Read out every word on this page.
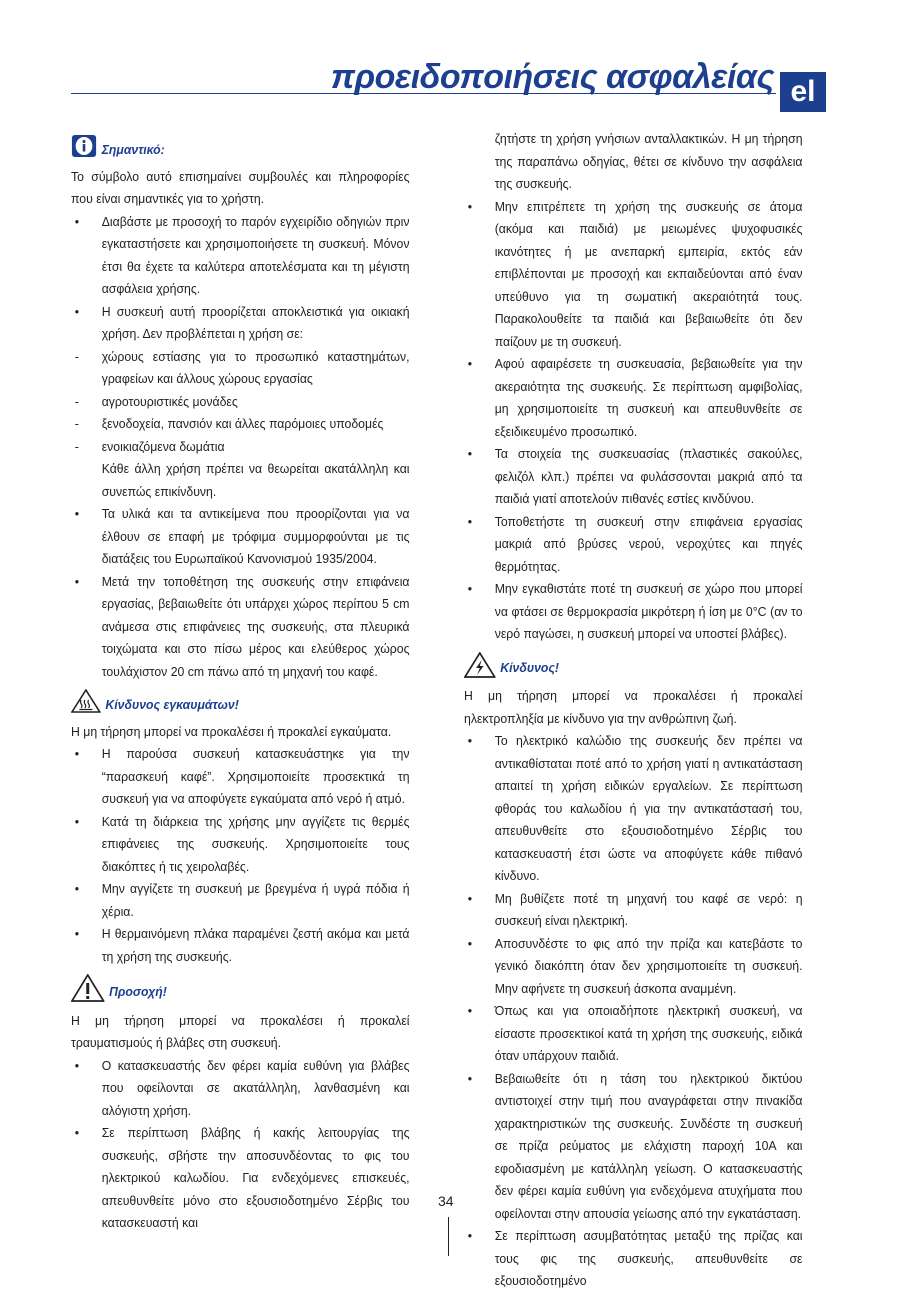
προειδοποιήσεις ασφαλείας el
Σημαντικό:

Το σύμβολο αυτό επισημαίνει συμβουλές και πληροφορίες που είναι σημαντικές για το χρήστη.

• Διαβάστε με προσοχή το παρόν εγχειρίδιο οδηγιών πριν εγκαταστήσετε και χρησιμοποιήσετε τη συσκευή. Μόνον έτσι θα έχετε τα καλύτερα αποτελέσματα και τη μέγιστη ασφάλεια χρήσης.
• Η συσκευή αυτή προορίζεται αποκλειστικά για οικιακή χρήση. Δεν προβλέπεται η χρήση σε:
- χώρους εστίασης για το προσωπικό καταστημάτων, γραφείων και άλλους χώρους εργασίας
- αγροτουριστικές μονάδες
- ξενοδοχεία, πανσιόν και άλλες παρόμοιες υποδομές
- ενοικιαζόμενα δωμάτια
Κάθε άλλη χρήση πρέπει να θεωρείται ακατάλληλη και συνεπώς επικίνδυνη.
• Τα υλικά και τα αντικείμενα που προορίζονται για να έλθουν σε επαφή με τρόφιμα συμμορφούνται με τις διατάξεις του Ευρωπαϊκού Κανονισμού 1935/2004.
• Μετά την τοποθέτηση της συσκευής στην επιφάνεια εργασίας, βεβαιωθείτε ότι υπάρχει χώρος περίπου 5 cm ανάμεσα στις επιφάνειες της συσκευής, στα πλευρικά τοιχώματα και στο πίσω μέρος και ελεύθερος χώρος τουλάχιστον 20 cm πάνω από τη μηχανή του καφέ.
Κίνδυνος εγκαυμάτων!

Η μη τήρηση μπορεί να προκαλέσει ή προκαλεί εγκαύματα.

• Η παρούσα συσκευή κατασκευάστηκε για την “παρασκευή καφέ”. Χρησιμοποιείτε προσεκτικά τη συσκευή για να αποφύγετε εγκαύματα από νερό ή ατμό.
• Κατά τη διάρκεια της χρήσης μην αγγίζετε τις θερμές επιφάνειες της συσκευής. Χρησιμοποιείτε τους διακόπτες ή τις χειρολαβές.
• Μην αγγίζετε τη συσκευή με βρεγμένα ή υγρά πόδια ή χέρια.
• Η θερμαινόμενη πλάκα παραμένει ζεστή ακόμα και μετά τη χρήση της συσκευής.
Προσοχή!

Η μη τήρηση μπορεί να προκαλέσει ή προκαλεί τραυματισμούς ή βλάβες στη συσκευή.

• Ο κατασκευαστής δεν φέρει καμία ευθύνη για βλάβες που οφείλονται σε ακατάλληλη, λανθασμένη και αλόγιστη χρήση.
• Σε περίπτωση βλάβης ή κακής λειτουργίας της συσκευής, σβήστε την αποσυνδέοντας το φις του ηλεκτρικού καλωδίου. Για ενδεχόμενες επισκευές, απευθυνθείτε μόνο στο εξουσιοδοτημένο Σέρβις του κατασκευαστή και
ζητήστε τη χρήση γνήσιων ανταλλακτικών. Η μη τήρηση της παραπάνω οδηγίας, θέτει σε κίνδυνο την ασφάλεια της συσκευής.
• Μην επιτρέπετε τη χρήση της συσκευής σε άτομα (ακόμα και παιδιά) με μειωμένες ψυχοφυσικές ικανότητες ή με ανεπαρκή εμπειρία, εκτός εάν επιβλέπονται με προσοχή και εκπαιδεύονται από έναν υπεύθυνο για τη σωματική ακεραιότητά τους. Παρακολουθείτε τα παιδιά και βεβαιωθείτε ότι δεν παίζουν με τη συσκευή.
• Αφού αφαιρέσετε τη συσκευασία, βεβαιωθείτε για την ακεραιότητα της συσκευής. Σε περίπτωση αμφιβολίας, μη χρησιμοποιείτε τη συσκευή και απευθυνθείτε σε εξειδικευμένο προσωπικό.
• Τα στοιχεία της συσκευασίας (πλαστικές σακούλες, φελιζόλ κλπ.) πρέπει να φυλάσσονται μακριά από τα παιδιά γιατί αποτελούν πιθανές εστίες κινδύνου.
• Τοποθετήστε τη συσκευή στην επιφάνεια εργασίας μακριά από βρύσες νερού, νεροχύτες και πηγές θερμότητας.
• Μην εγκαθιστάτε ποτέ τη συσκευή σε χώρο που μπορεί να φτάσει σε θερμοκρασία μικρότερη ή ίση με 0°C (αν το νερό παγώσει, η συσκευή μπορεί να υποστεί βλάβες).
Κίνδυνος!

Η μη τήρηση μπορεί να προκαλέσει ή προκαλεί ηλεκτροπληξία με κίνδυνο για την ανθρώπινη ζωή.

• Το ηλεκτρικό καλώδιο της συσκευής δεν πρέπει να αντικαθίσταται ποτέ από το χρήση γιατί η αντικατάσταση απαιτεί τη χρήση ειδικών εργαλείων. Σε περίπτωση φθοράς του καλωδίου ή για την αντικατάστασή του, απευθυνθείτε στο εξουσιοδοτημένο Σέρβις του κατασκευαστή έτσι ώστε να αποφύγετε κάθε πιθανό κίνδυνο.
• Μη βυθίζετε ποτέ τη μηχανή του καφέ σε νερό: η συσκευή είναι ηλεκτρική.
• Αποσυνδέστε το φις από την πρίζα και κατεβάστε το γενικό διακόπτη όταν δεν χρησιμοποιείτε τη συσκευή. Μην αφήνετε τη συσκευή άσκοπα αναμμένη.
• Όπως και για οποιαδήποτε ηλεκτρική συσκευή, να είσαστε προσεκτικοί κατά τη χρήση της συσκευής, ειδικά όταν υπάρχουν παιδιά.
• Βεβαιωθείτε ότι η τάση του ηλεκτρικού δικτύου αντιστοιχεί στην τιμή που αναγράφεται στην πινακίδα χαρακτηριστικών της συσκευής. Συνδέστε τη συσκευή σε πρίζα ρεύματος με ελάχιστη παροχή 10A και εφοδιασμένη με κατάλληλη γείωση. Ο κατασκευαστής δεν φέρει καμία ευθύνη για ενδεχόμενα ατυχήματα που οφείλονται στην απουσία γείωσης από την εγκατάσταση.
• Σε περίπτωση ασυμβατότητας μεταξύ της πρίζας και τους φις της συσκευής, απευθυνθείτε σε εξουσιοδοτημένο
34
